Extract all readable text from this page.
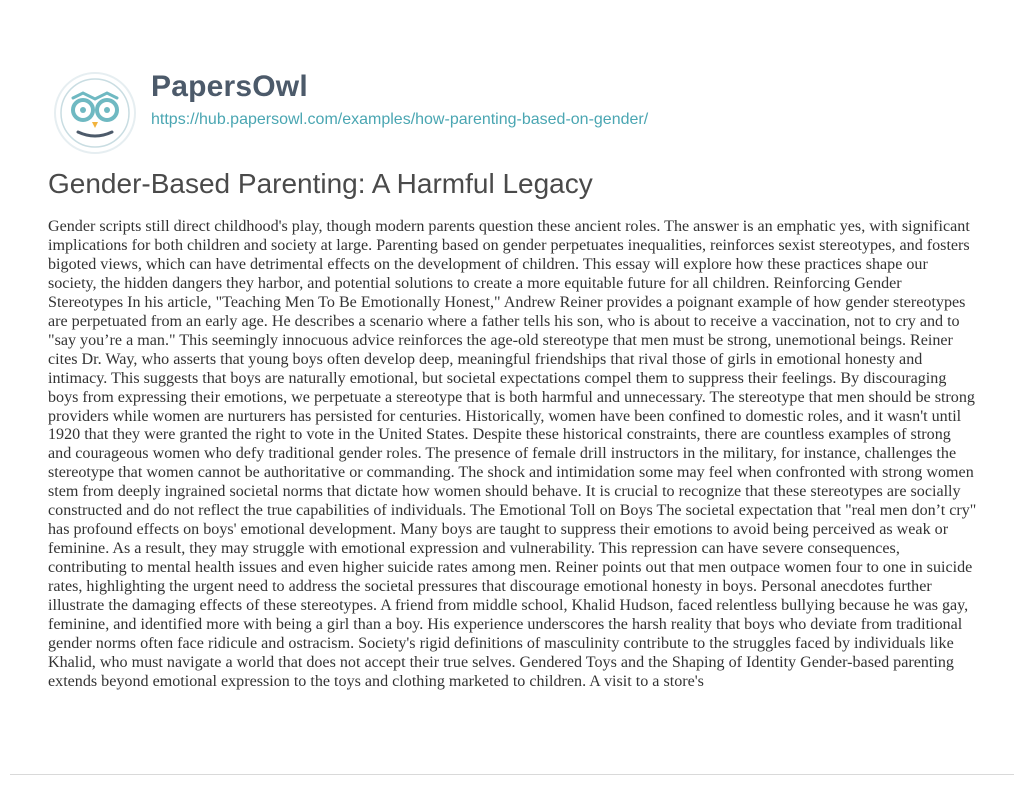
PapersOwl
https://hub.papersowl.com/examples/how-parenting-based-on-gender/
Gender-Based Parenting: A Harmful Legacy
Gender scripts still direct childhood's play, though modern parents question these ancient roles. The answer is an emphatic yes, with significant implications for both children and society at large. Parenting based on gender perpetuates inequalities, reinforces sexist stereotypes, and fosters bigoted views, which can have detrimental effects on the development of children. This essay will explore how these practices shape our society, the hidden dangers they harbor, and potential solutions to create a more equitable future for all children. Reinforcing Gender Stereotypes In his article, "Teaching Men To Be Emotionally Honest," Andrew Reiner provides a poignant example of how gender stereotypes are perpetuated from an early age. He describes a scenario where a father tells his son, who is about to receive a vaccination, not to cry and to "say you’re a man." This seemingly innocuous advice reinforces the age-old stereotype that men must be strong, unemotional beings. Reiner cites Dr. Way, who asserts that young boys often develop deep, meaningful friendships that rival those of girls in emotional honesty and intimacy. This suggests that boys are naturally emotional, but societal expectations compel them to suppress their feelings. By discouraging boys from expressing their emotions, we perpetuate a stereotype that is both harmful and unnecessary. The stereotype that men should be strong providers while women are nurturers has persisted for centuries. Historically, women have been confined to domestic roles, and it wasn't until 1920 that they were granted the right to vote in the United States. Despite these historical constraints, there are countless examples of strong and courageous women who defy traditional gender roles. The presence of female drill instructors in the military, for instance, challenges the stereotype that women cannot be authoritative or commanding. The shock and intimidation some may feel when confronted with strong women stem from deeply ingrained societal norms that dictate how women should behave. It is crucial to recognize that these stereotypes are socially constructed and do not reflect the true capabilities of individuals. The Emotional Toll on Boys The societal expectation that "real men don’t cry" has profound effects on boys' emotional development. Many boys are taught to suppress their emotions to avoid being perceived as weak or feminine. As a result, they may struggle with emotional expression and vulnerability. This repression can have severe consequences, contributing to mental health issues and even higher suicide rates among men. Reiner points out that men outpace women four to one in suicide rates, highlighting the urgent need to address the societal pressures that discourage emotional honesty in boys. Personal anecdotes further illustrate the damaging effects of these stereotypes. A friend from middle school, Khalid Hudson, faced relentless bullying because he was gay, feminine, and identified more with being a girl than a boy. His experience underscores the harsh reality that boys who deviate from traditional gender norms often face ridicule and ostracism. Society's rigid definitions of masculinity contribute to the struggles faced by individuals like Khalid, who must navigate a world that does not accept their true selves. Gendered Toys and the Shaping of Identity Gender-based parenting extends beyond emotional expression to the toys and clothing marketed to children. A visit to a store's
